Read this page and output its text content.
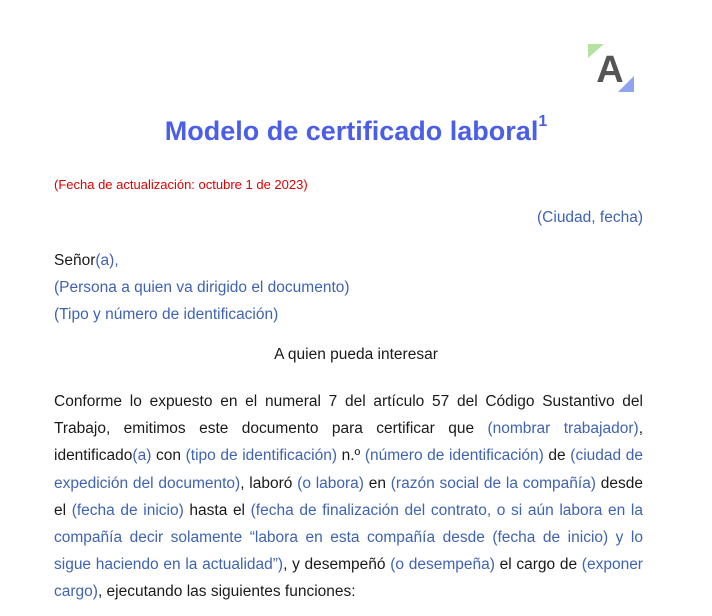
A
Modelo de certificado laboral$^1$
(Fecha de actualización: octubre 1 de 2023)
(Ciudad, fecha)
Señor(a),
(Persona a quien va dirigido el documento)
(Tipo y número de identificación)
A quien pueda interesar
Conforme lo expuesto en el numeral 7 del artículo 57 del Código Sustantivo del Trabajo, emitimos este documento para certificar que (nombrar trabajador), identificado(a) con (tipo de identificación) n.º (número de identificación) de (ciudad de expedición del documento), laboró (o labora) en (razón social de la compañía) desde el (fecha de inicio) hasta el (fecha de finalización del contrato, o si aún labora en la compañía decir solamente “labora en esta compañía desde (fecha de inicio) y lo sigue haciendo en la actualidad”), y desempeñó (o desempeña) el cargo de (exponer cargo), ejecutando las siguientes funciones:
